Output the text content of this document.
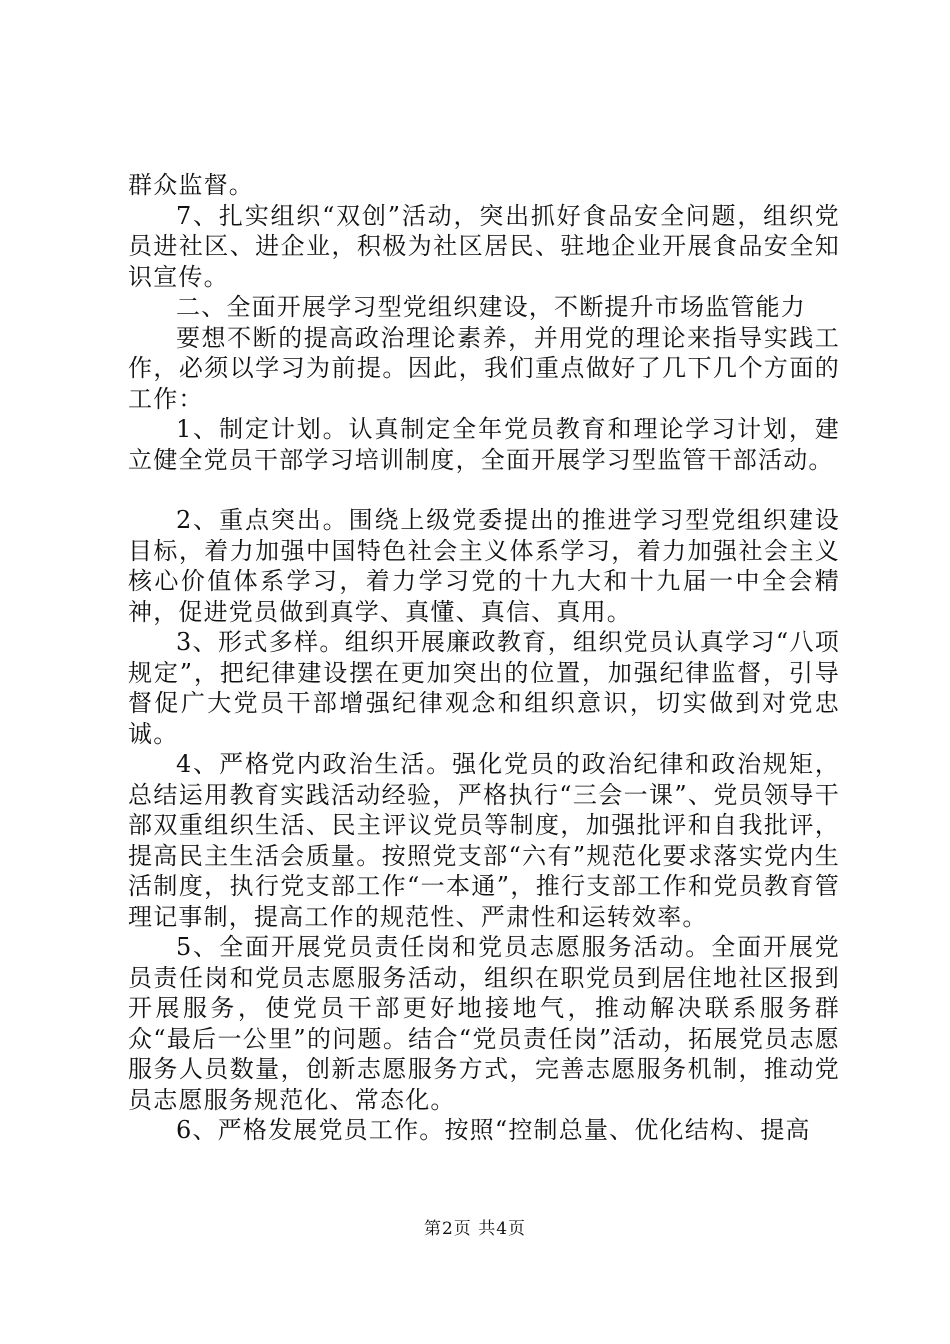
群众监督。

7、扎实组织“双创”活动，突出抓好食品安全问题，组织党员进社区、进企业，积极为社区居民、驻地企业开展食品安全知识宣传。

二、全面开展学习型党组织建设，不断提升市场监管能力

要想不断的提高政治理论素养，并用党的理论来指导实践工作，必须以学习为前提。因此，我们重点做好了几下几个方面的工作：

1、制定计划。认真制定全年党员教育和理论学习计划，建立健全党员干部学习培训制度，全面开展学习型监管干部活动。

2、重点突出。围绕上级党委提出的推进学习型党组织建设目标，着力加强中国特色社会主义体系学习，着力加强社会主义核心价值体系学习，着力学习党的十九大和十九届一中全会精神，促进党员做到真学、真懂、真信、真用。

3、形式多样。组织开展廉政教育，组织党员认真学习“八项规定”，把纪律建设摆在更加突出的位置，加强纪律监督，引导督促广大党员干部增强纪律观念和组织意识，切实做到对党忠诚。

4、严格党内政治生活。强化党员的政治纪律和政治规矩，总结运用教育实践活动经验，严格执行“三会一课”、党员领导干部双重组织生活、民主评议党员等制度，加强批评和自我批评，提高民主生活会质量。按照党支部“六有”规范化要求落实党内生活制度，执行党支部工作“一本通”，推行支部工作和党员教育管理记事制，提高工作的规范性、严肃性和运转效率。

5、全面开展党员责任岗和党员志愿服务活动。全面开展党员责任岗和党员志愿服务活动，组织在职党员到居住地社区报到开展服务，使党员干部更好地接地气，推动解决联系服务群众“最后一公里”的问题。结合“党员责任岗”活动，拓展党员志愿服务人员数量，创新志愿服务方式，完善志愿服务机制，推动党员志愿服务规范化、常态化。

6、严格发展党员工作。按照“控制总量、优化结构、提高

第2页 共4页
